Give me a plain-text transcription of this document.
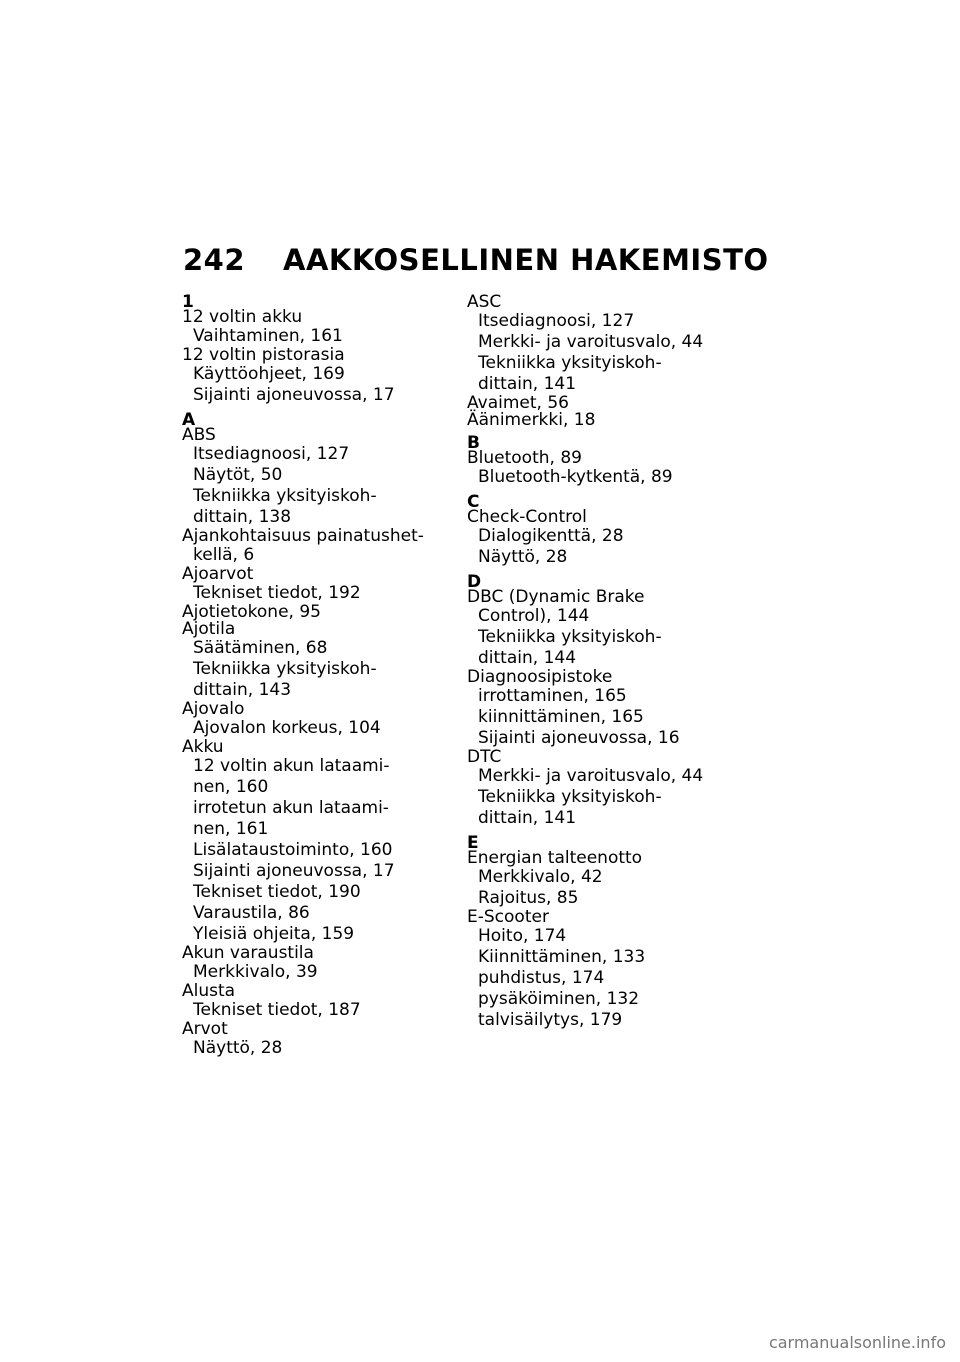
242 AAKKOSELLINEN HAKEMISTO
1
12 voltin akku
Vaihtaminen, 161
12 voltin pistorasia
Käyttöohjeet, 169
Sijainti ajoneuvossa, 17
A
ABS
Itsediagnoosi, 127
Näytöt, 50
Tekniikka yksityiskoh-
dittain, 138
Ajankohtaisuus painatushet-
kellä, 6
Ajoarvot
Tekniset tiedot, 192
Ajotietokone, 95
Ajotila
Säätäminen, 68
Tekniikka yksityiskoh-
dittain, 143
Ajovalo
Ajovalon korkeus, 104
Akku
12 voltin akun lataami-
nen, 160
irrotetun akun lataami-
nen, 161
Lisälataustoiminto, 160
Sijainti ajoneuvossa, 17
Tekniset tiedot, 190
Varaustila, 86
Yleisiä ohjeita, 159
Akun varaustila
Merkkivalo, 39
Alusta
Tekniset tiedot, 187
Arvot
Näyttö, 28
ASC
Itsediagnoosi, 127
Merkki- ja varoitusvalo, 44
Tekniikka yksityiskoh-
dittain, 141
Avaimet, 56
Äänimerkki, 18
B
Bluetooth, 89
Bluetooth-kytkentä, 89
C
Check-Control
Dialogikenttä, 28
Näyttö, 28
D
DBC (Dynamic Brake
Control), 144
Tekniikka yksityiskoh-
dittain, 144
Diagnoosipistoke
irrottaminen, 165
kiinnittäminen, 165
Sijainti ajoneuvossa, 16
DTC
Merkki- ja varoitusvalo, 44
Tekniikka yksityiskoh-
dittain, 141
E
Energian talteenotto
Merkkivalo, 42
Rajoitus, 85
E-Scooter
Hoito, 174
Kiinnittäminen, 133
puhdistus, 174
pysäköiminen, 132
talvisäilytys, 179
carmanualsonline.info
